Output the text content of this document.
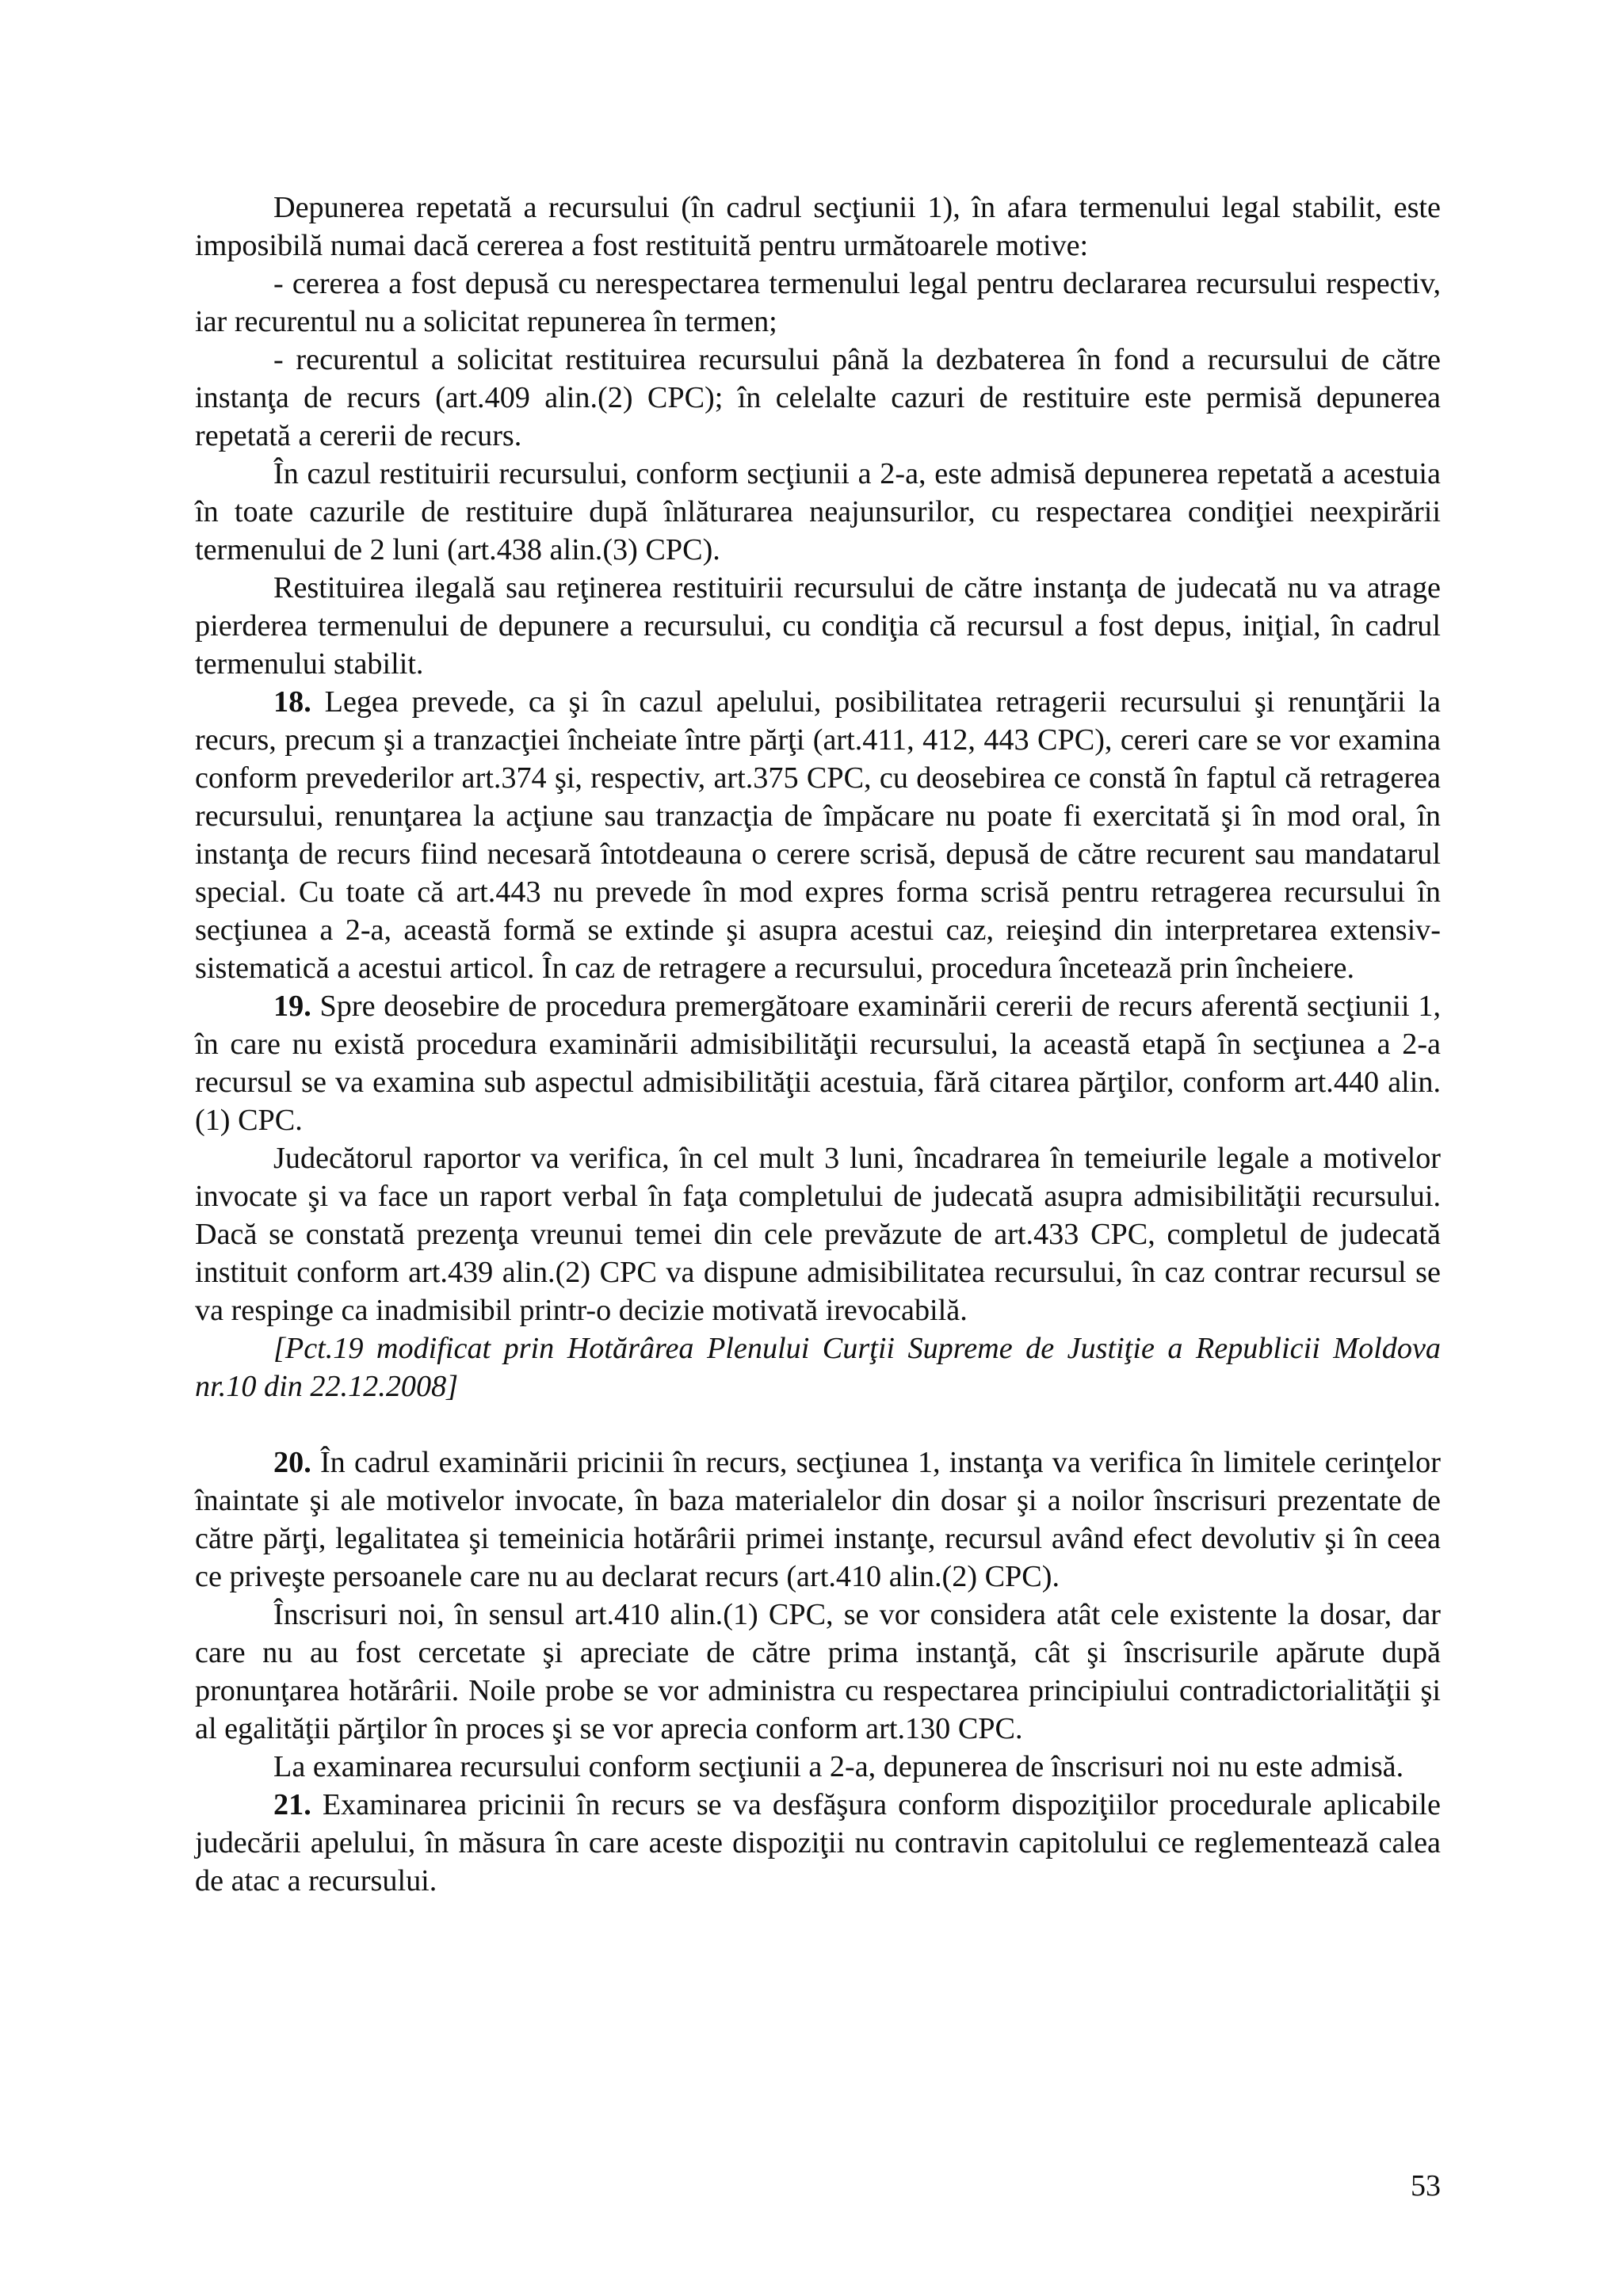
Depunerea repetată a recursului (în cadrul secţiunii 1), în afara termenului legal stabilit, este imposibilă numai dacă cererea a fost restituită pentru următoarele motive:

- cererea a fost depusă cu nerespectarea termenului legal pentru declararea recursului respectiv, iar recurentul nu a solicitat repunerea în termen;

- recurentul a solicitat restituirea recursului până la dezbaterea în fond a recursului de către instanţa de recurs (art.409 alin.(2) CPC); în celelalte cazuri de restituire este permisă depunerea repetată a cererii de recurs.

În cazul restituirii recursului, conform secţiunii a 2-a, este admisă depunerea repetată a acestuia în toate cazurile de restituire după înlăturarea neajunsurilor, cu respectarea condiţiei neexpirării termenului de 2 luni (art.438 alin.(3) CPC).

Restituirea ilegală sau reţinerea restituirii recursului de către instanţa de judecată nu va atrage pierderea termenului de depunere a recursului, cu condiţia că recursul a fost depus, iniţial, în cadrul termenului stabilit.

18. Legea prevede, ca şi în cazul apelului, posibilitatea retragerii recursului şi renunţării la recurs, precum şi a tranzacţiei încheiate între părţi (art.411, 412, 443 CPC), cereri care se vor examina conform prevederilor art.374 şi, respectiv, art.375 CPC, cu deosebirea ce constă în faptul că retragerea recursului, renunţarea la acţiune sau tranzacţia de împăcare nu poate fi exercitată şi în mod oral, în instanţa de recurs fiind necesară întotdeauna o cerere scrisă, depusă de către recurent sau mandatarul special. Cu toate că art.443 nu prevede în mod expres forma scrisă pentru retragerea recursului în secţiunea a 2-a, această formă se extinde şi asupra acestui caz, reieşind din interpretarea extensiv-sistematică a acestui articol. În caz de retragere a recursului, procedura încetează prin încheiere.

19. Spre deosebire de procedura premergătoare examinării cererii de recurs aferentă secţiunii 1, în care nu există procedura examinării admisibilităţii recursului, la această etapă în secţiunea a 2-a recursul se va examina sub aspectul admisibilităţii acestuia, fără citarea părţilor, conform art.440 alin.(1) CPC.

Judecătorul raportor va verifica, în cel mult 3 luni, încadrarea în temeiurile legale a motivelor invocate şi va face un raport verbal în faţa completului de judecată asupra admisibilităţii recursului. Dacă se constată prezenţa vreunui temei din cele prevăzute de art.433 CPC, completul de judecată instituit conform art.439 alin.(2) CPC va dispune admisibilitatea recursului, în caz contrar recursul se va respinge ca inadmisibil printr-o decizie motivată irevocabilă.

[Pct.19 modificat prin Hotărârea Plenului Curţii Supreme de Justiţie a Republicii Moldova nr.10 din 22.12.2008]

20. În cadrul examinării pricinii în recurs, secţiunea 1, instanţa va verifica în limitele cerinţelor înaintate şi ale motivelor invocate, în baza materialelor din dosar şi a noilor înscrisuri prezentate de către părţi, legalitatea şi temeinicia hotărârii primei instanţe, recursul având efect devolutiv şi în ceea ce priveşte persoanele care nu au declarat recurs (art.410 alin.(2) CPC).

Înscrisuri noi, în sensul art.410 alin.(1) CPC, se vor considera atât cele existente la dosar, dar care nu au fost cercetate şi apreciate de către prima instanţă, cât şi înscrisurile apărute după pronunţarea hotărârii. Noile probe se vor administra cu respectarea principiului contradictorialităţii şi al egalităţii părţilor în proces şi se vor aprecia conform art.130 CPC.

La examinarea recursului conform secţiunii a 2-a, depunerea de înscrisuri noi nu este admisă.

21. Examinarea pricinii în recurs se va desfăşura conform dispoziţiilor procedurale aplicabile judecării apelului, în măsura în care aceste dispoziţii nu contravin capitolului ce reglementează calea de atac a recursului.

53
